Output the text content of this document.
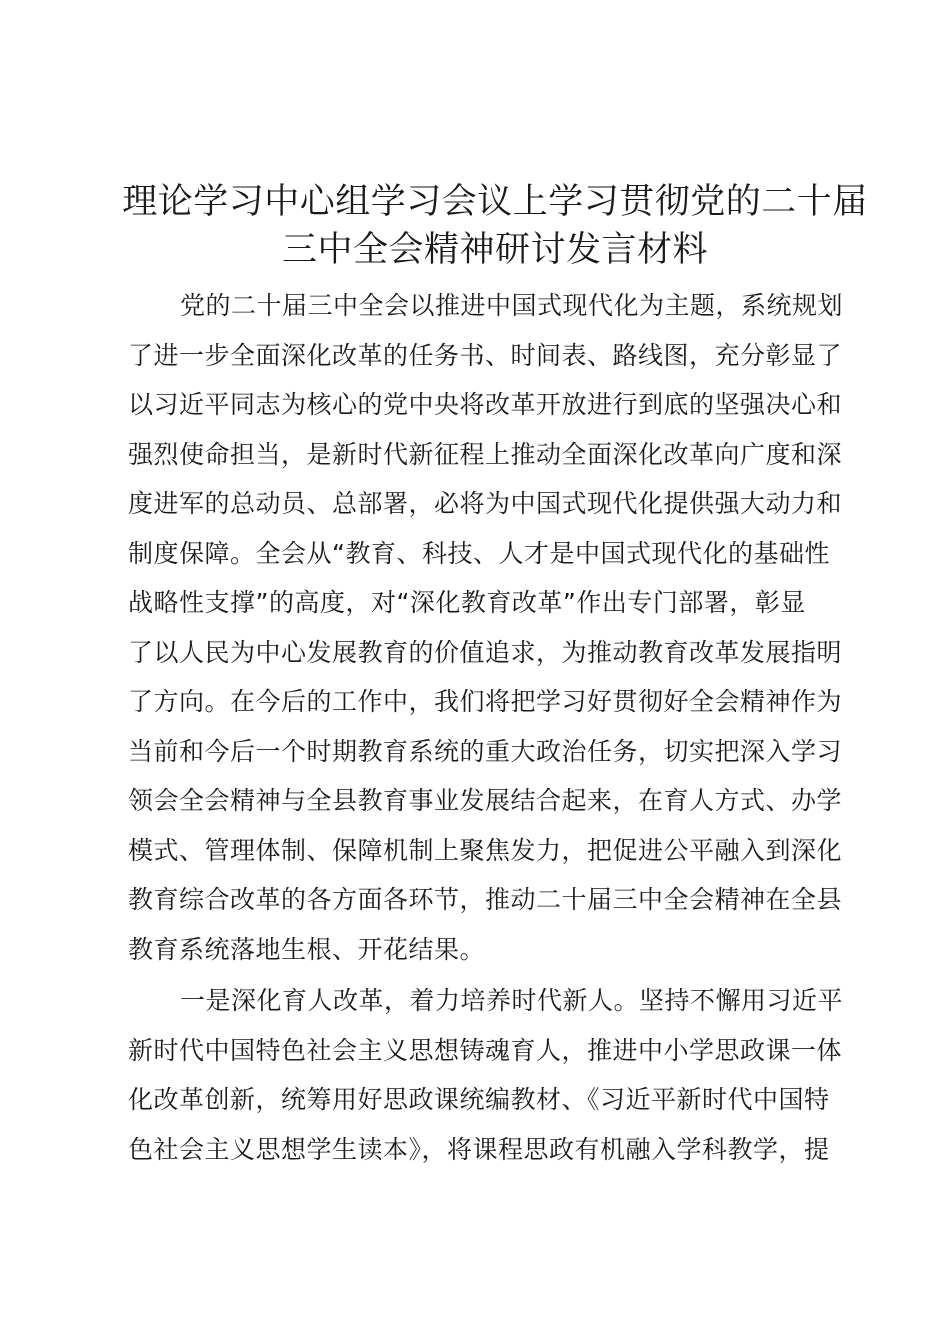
理论学习中心组学习会议上学习贯彻党的二十届
三中全会精神研讨发言材料

党的二十届三中全会以推进中国式现代化为主题，系统规划
了进一步全面深化改革的任务书、时间表、路线图，充分彰显了
以习近平同志为核心的党中央将改革开放进行到底的坚强决心和
强烈使命担当，是新时代新征程上推动全面深化改革向广度和深
度进军的总动员、总部署，必将为中国式现代化提供强大动力和
制度保障。全会从“教育、科技、人才是中国式现代化的基础性
战略性支撑”的高度，对“深化教育改革”作出专门部署，彰显
了以人民为中心发展教育的价值追求，为推动教育改革发展指明
了方向。在今后的工作中，我们将把学习好贯彻好全会精神作为
当前和今后一个时期教育系统的重大政治任务，切实把深入学习
领会全会精神与全县教育事业发展结合起来，在育人方式、办学
模式、管理体制、保障机制上聚焦发力，把促进公平融入到深化
教育综合改革的各方面各环节，推动二十届三中全会精神在全县
教育系统落地生根、开花结果。

一是深化育人改革，着力培养时代新人。坚持不懈用习近平
新时代中国特色社会主义思想铸魂育人，推进中小学思政课一体
化改革创新，统筹用好思政课统编教材、《习近平新时代中国特
色社会主义思想学生读本》，将课程思政有机融入学科教学，提
